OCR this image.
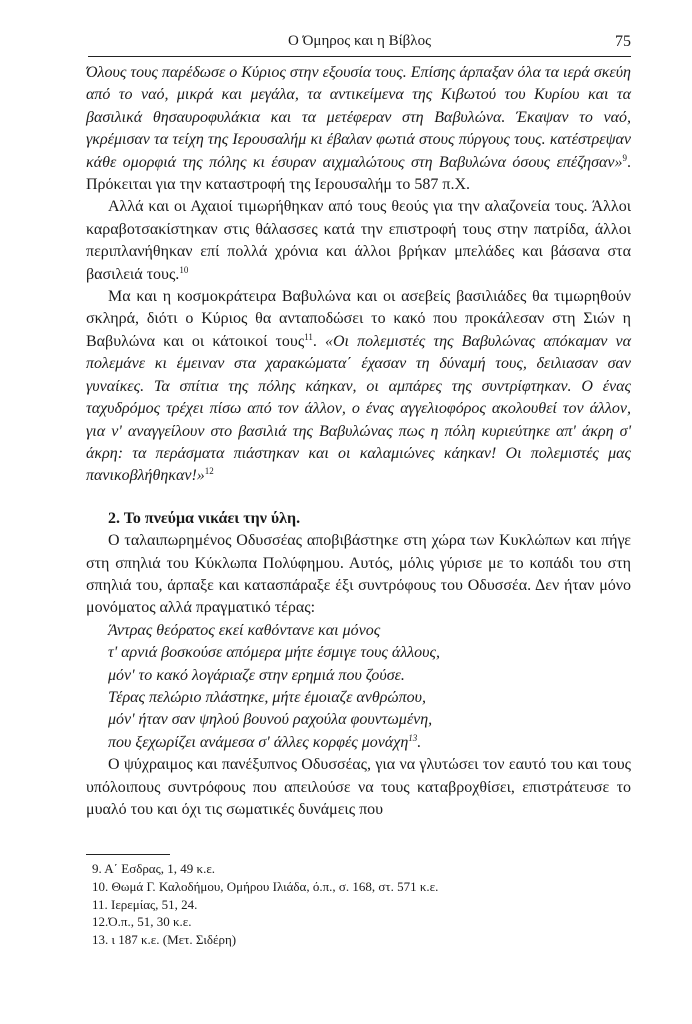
Ο Όμηρος και η Βίβλος	75

Όλους τους παρέδωσε ο Κύριος στην εξουσία τους. Επίσης άρπαξαν όλα τα ιερά σκεύη από το ναό, μικρά και μεγάλα, τα αντικείμενα της Κιβωτού του Κυρίου και τα βασιλικά θησαυροφυλάκια και τα μετέφεραν στη Βαβυλώνα. Έκαψαν το ναό, γκρέμισαν τα τείχη της Ιερουσαλήμ κι έβαλαν φωτιά στους πύργους τους. κατέστρεψαν κάθε ομορφιά της πόλης κι έσυραν αιχμαλώτους στη Βαβυλώνα όσους επέζησαν»$^9$. Πρόκειται για την καταστροφή της Ιερουσαλήμ το 587 π.Χ.

Αλλά και οι Αχαιοί τιμωρήθηκαν από τους θεούς για την αλαζονεία τους. Άλλοι καραβοτσακίστηκαν στις θάλασσες κατά την επιστροφή τους στην πατρίδα, άλλοι περιπλανήθηκαν επί πολλά χρόνια και άλλοι βρήκαν μπελάδες και βάσανα στα βασιλειά τους.$^{10}$

Μα και η κοσμοκράτειρα Βαβυλώνα και οι ασεβείς βασιλιάδες θα τιμωρηθούν σκληρά, διότι ο Κύριος θα ανταποδώσει το κακό που προκάλεσαν στη Σιών η Βαβυλώνα και οι κάτοικοί τους$^{11}$. «Οι πολεμιστές της Βαβυλώνας απόκαμαν να πολεμάνε κι έμειναν στα χαρακώματα΄ έχασαν τη δύναμή τους, δειλιασαν σαν γυναίκες. Τα σπίτια της πόλης κάηκαν, οι αμπάρες της συντρίφτηκαν. Ο ένας ταχυδρόμος τρέχει πίσω από τον άλλον, ο ένας αγγελιοφόρος ακολουθεί τον άλλον, για ν' αναγγείλουν στο βασιλιά της Βαβυλώνας πως η πόλη κυριεύτηκε απ' άκρη σ' άκρη: τα περάσματα πιάστηκαν και οι καλαμιώνες κάηκαν! Οι πολεμιστές μας πανικοβλήθηκαν!»$^{12}$

2. Το πνεύμα νικάει την ύλη.

Ο ταλαιπωρημένος Οδυσσέας αποβιβάστηκε στη χώρα των Κυκλώπων και πήγε στη σπηλιά του Κύκλωπα Πολύφημου. Αυτός, μόλις γύρισε με το κοπάδι του στη σπηλιά του, άρπαξε και κατασπάραξε έξι συντρόφους του Οδυσσέα. Δεν ήταν μόνο μονόματος αλλά πραγματικό τέρας:

Άντρας θεόρατος εκεί καθόντανε και μόνος
τ' αρνιά βοσκούσε απόμερα μήτε έσμιγε τους άλλους,
μόν' το κακό λογάριαζε στην ερημιά που ζούσε.
Τέρας πελώριο πλάστηκε, μήτε έμοιαζε ανθρώπου,
μόν' ήταν σαν ψηλού βουνού ραχούλα φουντωμένη,
που ξεχωρίζει ανάμεσα σ' άλλες κορφές μονάχη$^{13}$.

Ο ψύχραιμος και πανέξυπνος Οδυσσέας, για να γλυτώσει τον εαυτό του και τους υπόλοιπους συντρόφους που απειλούσε να τους καταβροχθίσει, επιστράτευσε το μυαλό του και όχι τις σωματικές δυνάμεις που

9. Α΄ Εσδρας, 1, 49 κ.ε.
10. Θωμά Γ. Καλοδήμου, Ομήρου Ιλιάδα, ό.π., σ. 168, στ. 571 κ.ε.
11. Ιερεμίας, 51, 24.
12.Ό.π., 51, 30 κ.ε.
13. ι 187 κ.ε. (Μετ. Σιδέρη)
